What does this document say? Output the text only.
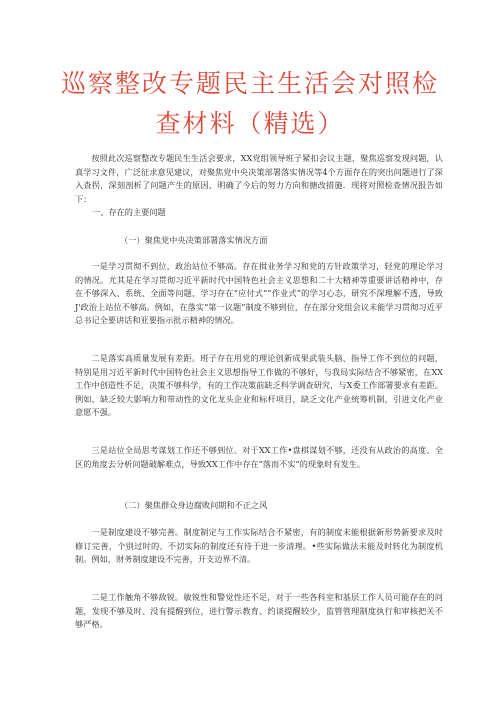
巡察整改专题民主生活会对照检
查材料（精选）

按照此次巡察整改专题民生生活会要求，XX党组领导班子紧扣会议主题，聚焦巡察发现问题，认真学习文件，广泛征求意见建议，对聚焦党中央决策部署落实情况等4个方面存在的突出问题进行了深入查拐，深刻剖析了问题产生的原因，明确了今后的努力方向和搪改措施．现将对照检查情况报告如下：

一、存在的主要问题

（一）聚焦党中央决策部署落实情况方面

一是学习贯彻不到位，政治站位不够高。存在揖业务学习和党的方针政策学习，轻党的理论学习的情况。尤其是在学习贯彻习近平新时代中国特色社会主义思想和二十大精神等重要讲话精神中，存在不够深入、系统、全面等问题，学习存在“应付式”“作业式”的学习心态，研究不深理解不透，导致J'政治上站位不够高。例如，在落实“第一议题”制度不够到位，存在部分党组会议未能学习贯彻习近平总书记全要讲话和亚要指示批示精神的情况。

二是落实高质量发展有差距。班子存在用党的理论创新成果武装头脑、指导工作不到位的问题，特别是用习近平新时代中国特色社会主义思想指导工作做的不够好，与我局实际结合不够紧密，在XX工作中创造性不足，决策不够科学，有的工作决策前缺乏科学调查研究，与X委工作部署要求有差距。例如，缺乏较大影响力和带动性的文化龙头企业和标杆项目，缺乏文化产业统筹机制，引进文化产业意愿不强。

三是站位全局思考谋划工作还不够到位。对于XX工作•盘棋谋划不够，还没有从政治的高度、全区的角度去分析问题破解难点，导致XX工作中存在“落而不实”的现象时有发生。

（二）聚焦群众身边腐败问期和不正之风

一是制度建设不够完善。制度制定与工作实际结合不紧密，有的制度未能根据新形势新要求及时修订完善，个别过时的、不切实际的制度还有待于进一步清理。•些实际做法未能及时转化为制度机制。例如，财务制度建设不完善，开支边界不清。

二是工作触角不够敌锐。敏锐性和警觉性还不足，对于一些各科室和基层工作人员可能存在的问题，发现不够及时、没有提醒到位，进行警示教育、约谈提醒较少，监管管理制度执行和审核把关不够严格。
